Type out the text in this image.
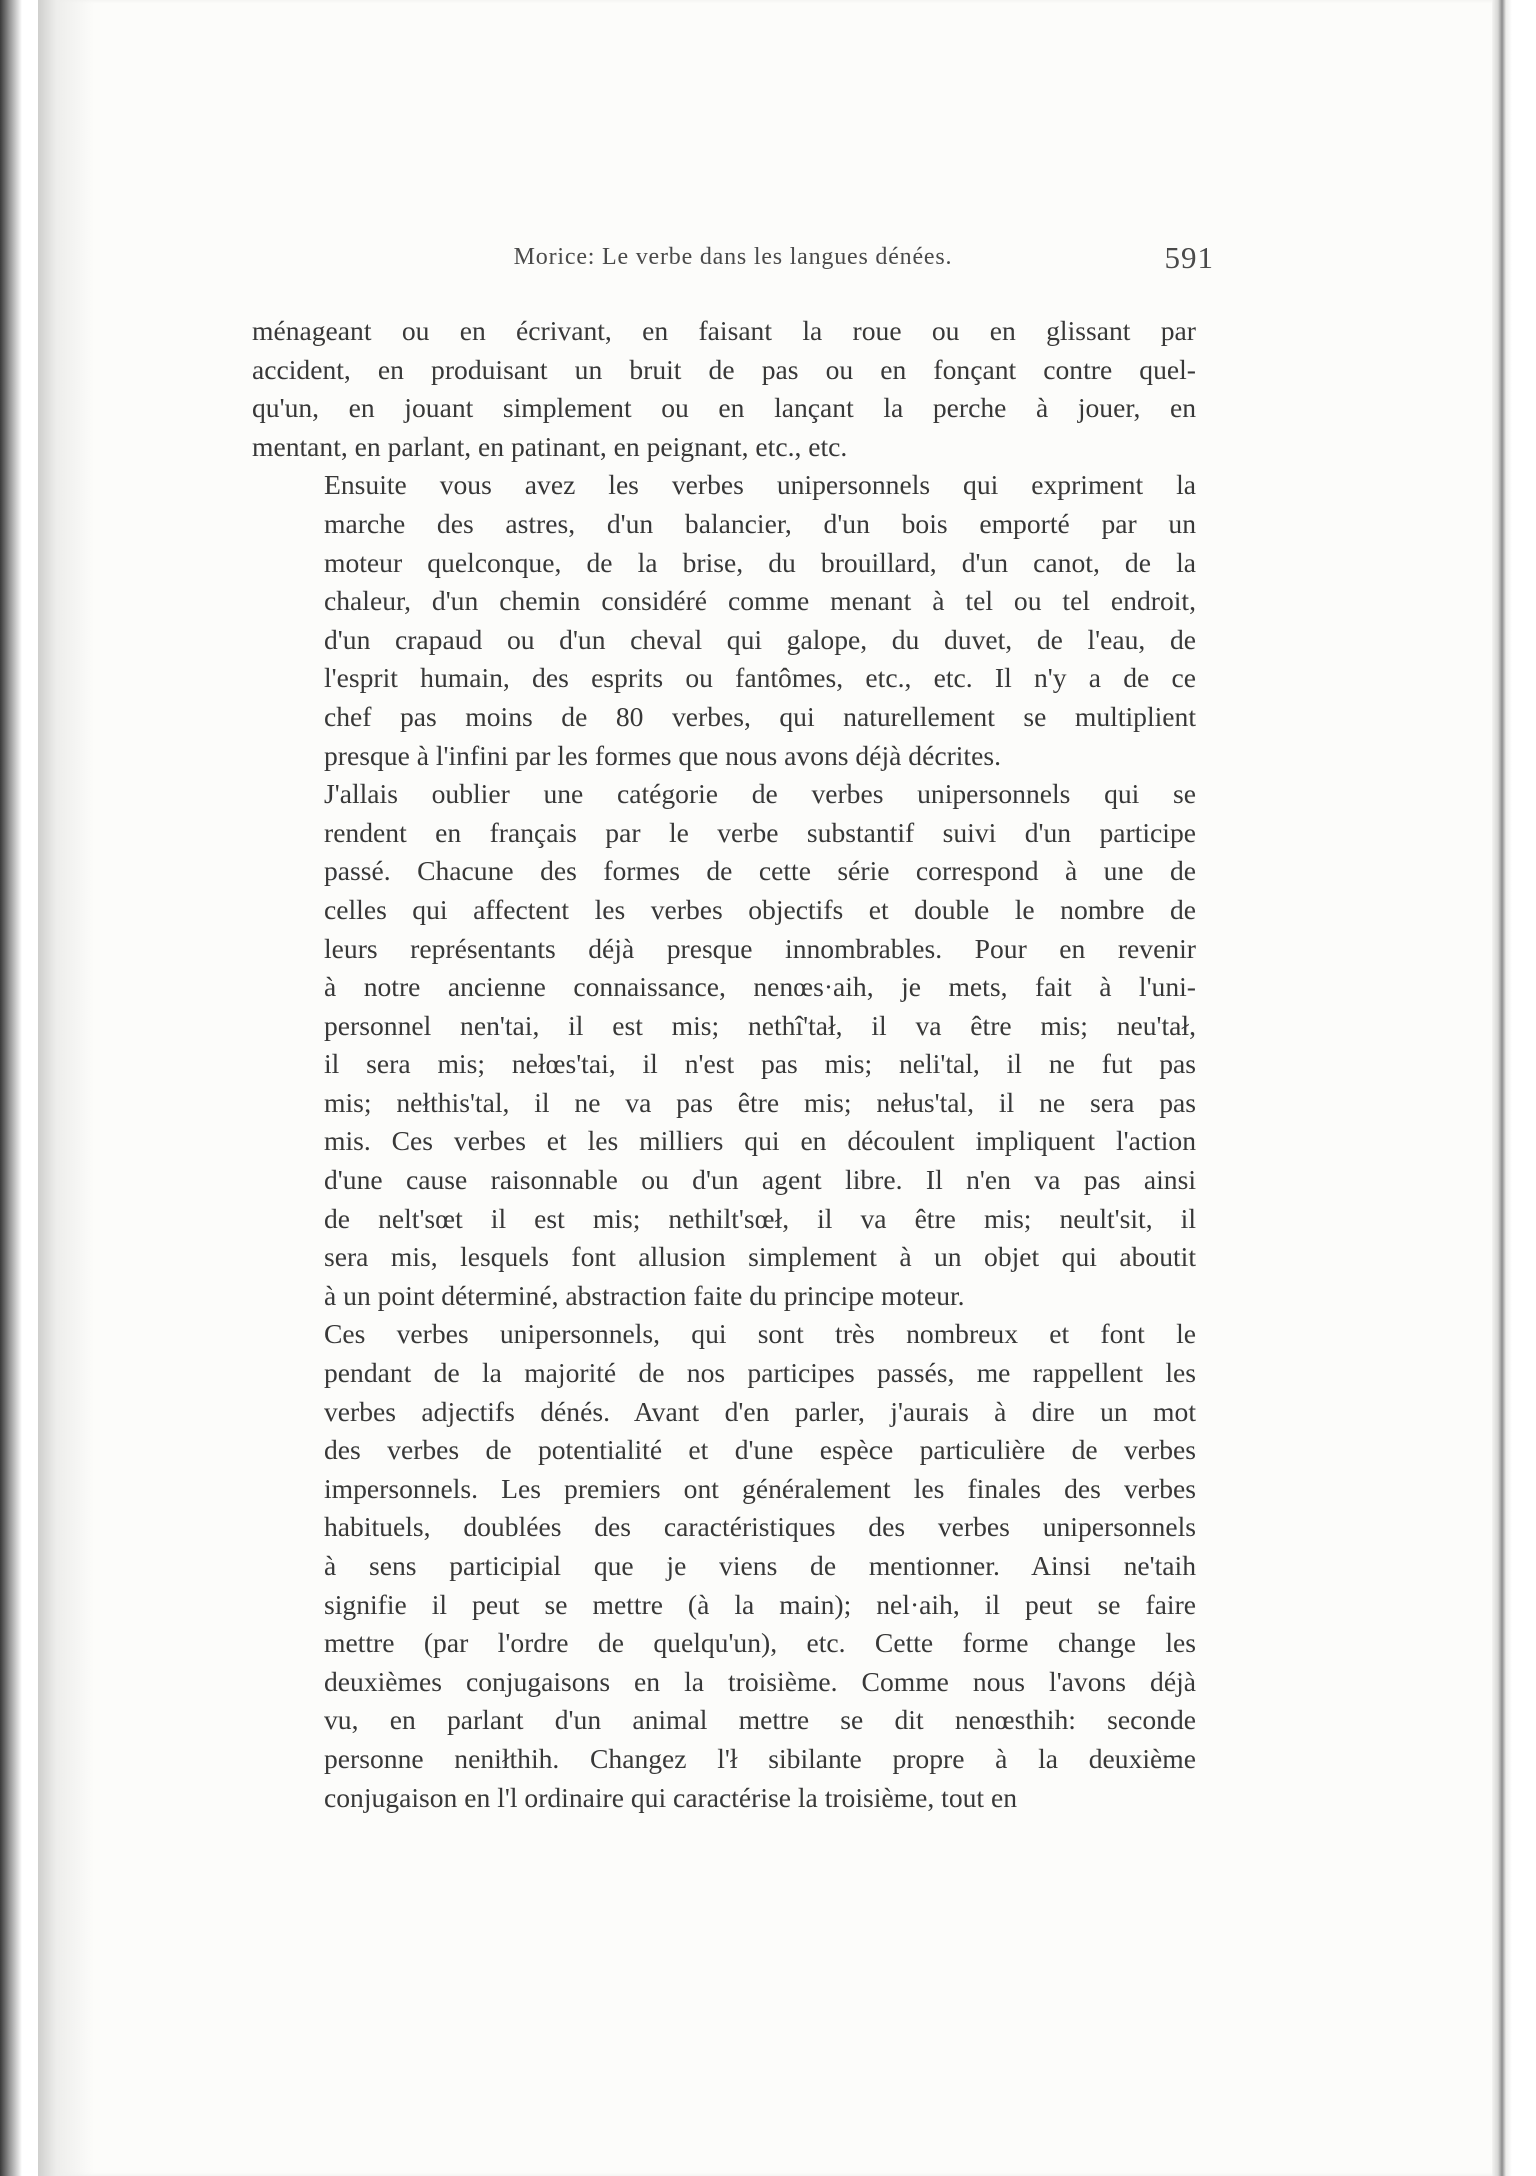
Morice: Le verbe dans les langues dénées.	591

ménageant ou en écrivant, en faisant la roue ou en glissant par
accident, en produisant un bruit de pas ou en fonçant contre quel-
qu'un, en jouant simplement ou en lançant la perche à jouer, en
mentant, en parlant, en patinant, en peignant, etc., etc.

Ensuite vous avez les verbes unipersonnels qui expriment la
marche des astres, d'un balancier, d'un bois emporté par un
moteur quelconque, de la brise, du brouillard, d'un canot, de la
chaleur, d'un chemin considéré comme menant à tel ou tel endroit,
d'un crapaud ou d'un cheval qui galope, du duvet, de l'eau, de
l'esprit humain, des esprits ou fantômes, etc., etc. Il n'y a de ce
chef pas moins de 80 verbes, qui naturellement se multiplient
presque à l'infini par les formes que nous avons déjà décrites.

J'allais oublier une catégorie de verbes unipersonnels qui se
rendent en français par le verbe substantif suivi d'un participe
passé. Chacune des formes de cette série correspond à une de
celles qui affectent les verbes objectifs et double le nombre de
leurs représentants déjà presque innombrables. Pour en revenir
à notre ancienne connaissance, nenœs·aih, je mets, fait à l'uni-
personnel nen'tai, il est mis; nethî'tał, il va être mis; neu'tał,
il sera mis; nełœs'tai, il n'est pas mis; neli'tal, il ne fut pas
mis; nełthis'tal, il ne va pas être mis; nełus'tal, il ne sera pas
mis. Ces verbes et les milliers qui en découlent impliquent l'action
d'une cause raisonnable ou d'un agent libre. Il n'en va pas ainsi
de nelt'sœt il est mis; nethilt'sœł, il va être mis; neult'sit, il
sera mis, lesquels font allusion simplement à un objet qui aboutit
à un point déterminé, abstraction faite du principe moteur.

Ces verbes unipersonnels, qui sont très nombreux et font le
pendant de la majorité de nos participes passés, me rappellent les
verbes adjectifs dénés. Avant d'en parler, j'aurais à dire un mot
des verbes de potentialité et d'une espèce particulière de verbes
impersonnels. Les premiers ont généralement les finales des verbes
habituels, doublées des caractéristiques des verbes unipersonnels
à sens participial que je viens de mentionner. Ainsi ne'taih
signifie il peut se mettre (à la main); nel·aih, il peut se faire
mettre (par l'ordre de quelqu'un), etc. Cette forme change les
deuxièmes conjugaisons en la troisième. Comme nous l'avons déjà
vu, en parlant d'un animal mettre se dit nenœsthih: seconde
personne neniłthih. Changez l'ł sibilante propre à la deuxième
conjugaison en l'l ordinaire qui caractérise la troisième, tout en
